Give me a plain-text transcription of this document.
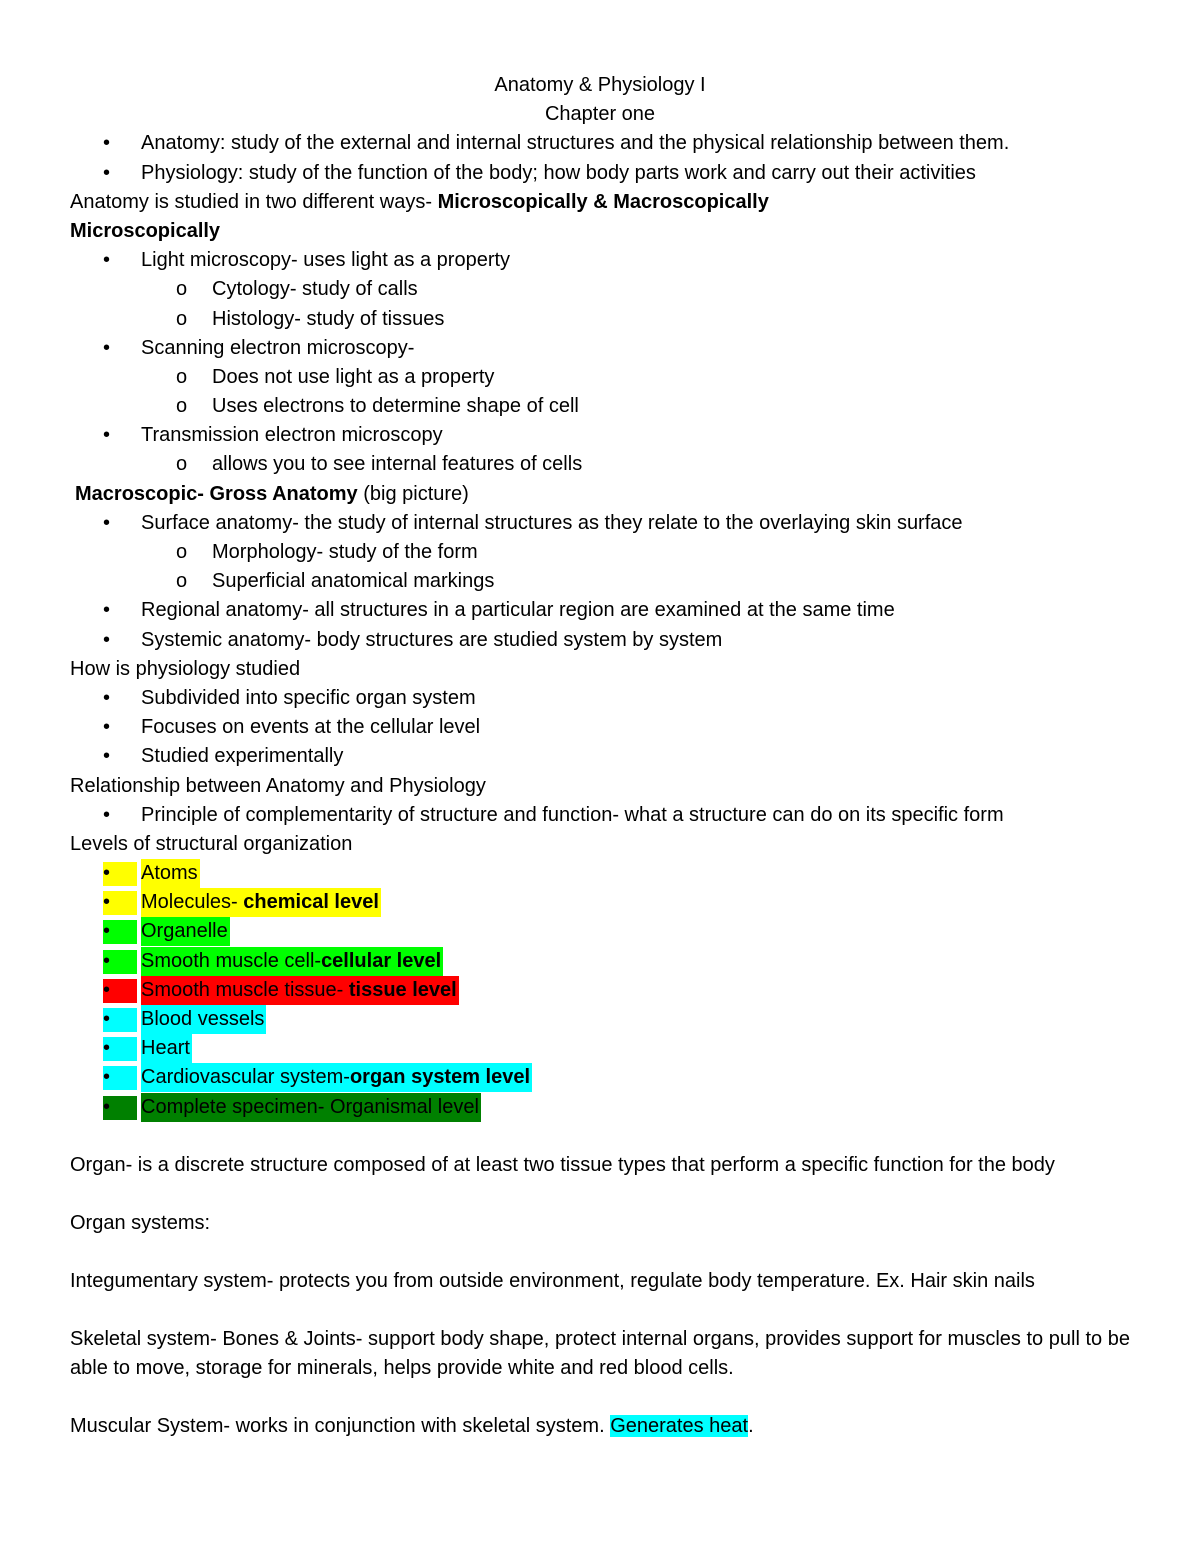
Anatomy & Physiology I
Chapter one
• Anatomy: study of the external and internal structures and the physical relationship between them.
• Physiology: study of the function of the body; how body parts work and carry out their activities
Anatomy is studied in two different ways- Microscopically & Macroscopically
Microscopically
• Light microscopy- uses light as a property
o Cytology- study of calls
o Histology- study of tissues
• Scanning electron microscopy-
o Does not use light as a property
o Uses electrons to determine shape of cell
• Transmission electron microscopy
o allows you to see internal features of cells
Macroscopic- Gross Anatomy (big picture)
• Surface anatomy- the study of internal structures as they relate to the overlaying skin surface
o Morphology- study of the form
o Superficial anatomical markings
• Regional anatomy- all structures in a particular region are examined at the same time
• Systemic anatomy- body structures are studied system by system
How is physiology studied
• Subdivided into specific organ system
• Focuses on events at the cellular level
• Studied experimentally
Relationship between Anatomy and Physiology
• Principle of complementarity of structure and function- what a structure can do on its specific form
Levels of structural organization
• Atoms
• Molecules- chemical level
• Organelle
• Smooth muscle cell-cellular level
• Smooth muscle tissue- tissue level
• Blood vessels
• Heart
• Cardiovascular system-organ system level
• Complete specimen- Organismal level
Organ- is a discrete structure composed of at least two tissue types that perform a specific function for the body
Organ systems:
Integumentary system- protects you from outside environment, regulate body temperature. Ex. Hair skin nails
Skeletal system- Bones & Joints- support body shape, protect internal organs, provides support for muscles to pull to be able to move, storage for minerals, helps provide white and red blood cells.
Muscular System- works in conjunction with skeletal system. Generates heat.
